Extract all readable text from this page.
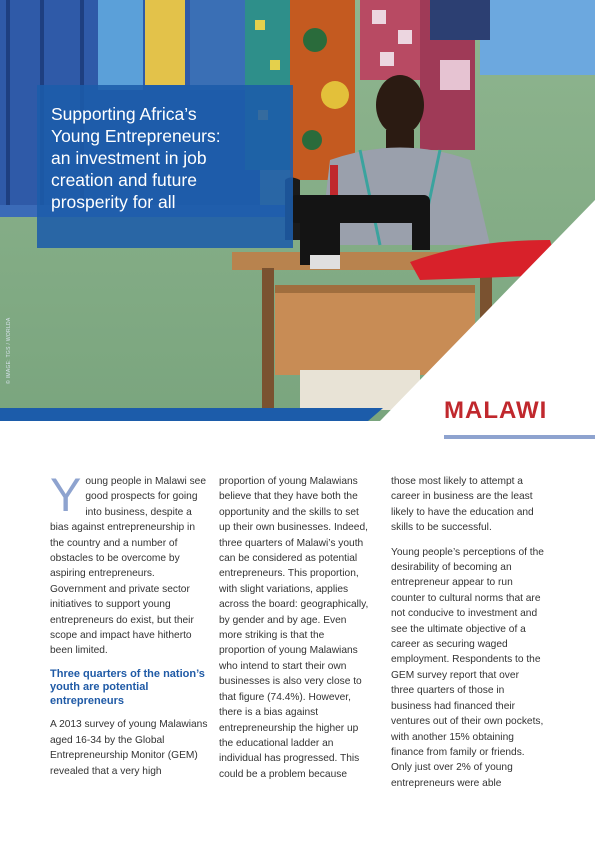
Supporting Africa’s
Young Entrepreneurs:
an investment in job
creation and future
prosperity for all
© IMAGE: TGS / WORLDA
MALAWI

Young people in Malawi see good prospects for going into business, despite a bias against entrepreneurship in the country and a number of obstacles to be overcome by aspiring entrepreneurs. Government and private sector initiatives to support young entrepreneurs do exist, but their scope and impact have hitherto been limited.

Three quarters of the nation’s youth are potential entrepreneurs

A 2013 survey of young Malawians aged 16-34 by the Global Entrepreneurship Monitor (GEM) revealed that a very high

proportion of young Malawians believe that they have both the opportunity and the skills to set up their own businesses. Indeed, three quarters of Malawi’s youth can be considered as potential entrepreneurs. This proportion, with slight variations, applies across the board: geographically, by gender and by age. Even more striking is that the proportion of young Malawians who intend to start their own businesses is also very close to that figure (74.4%). However, there is a bias against entrepreneurship the higher up the educational ladder an individual has progressed. This could be a problem because

those most likely to attempt a career in business are the least likely to have the education and skills to be successful.

Young people’s perceptions of the desirability of becoming an entrepreneur appear to run counter to cultural norms that are not conducive to investment and see the ultimate objective of a career as securing waged employment. Respondents to the GEM survey report that over three quarters of those in business had financed their ventures out of their own pockets, with another 15% obtaining finance from family or friends. Only just over 2% of young entrepreneurs were able
